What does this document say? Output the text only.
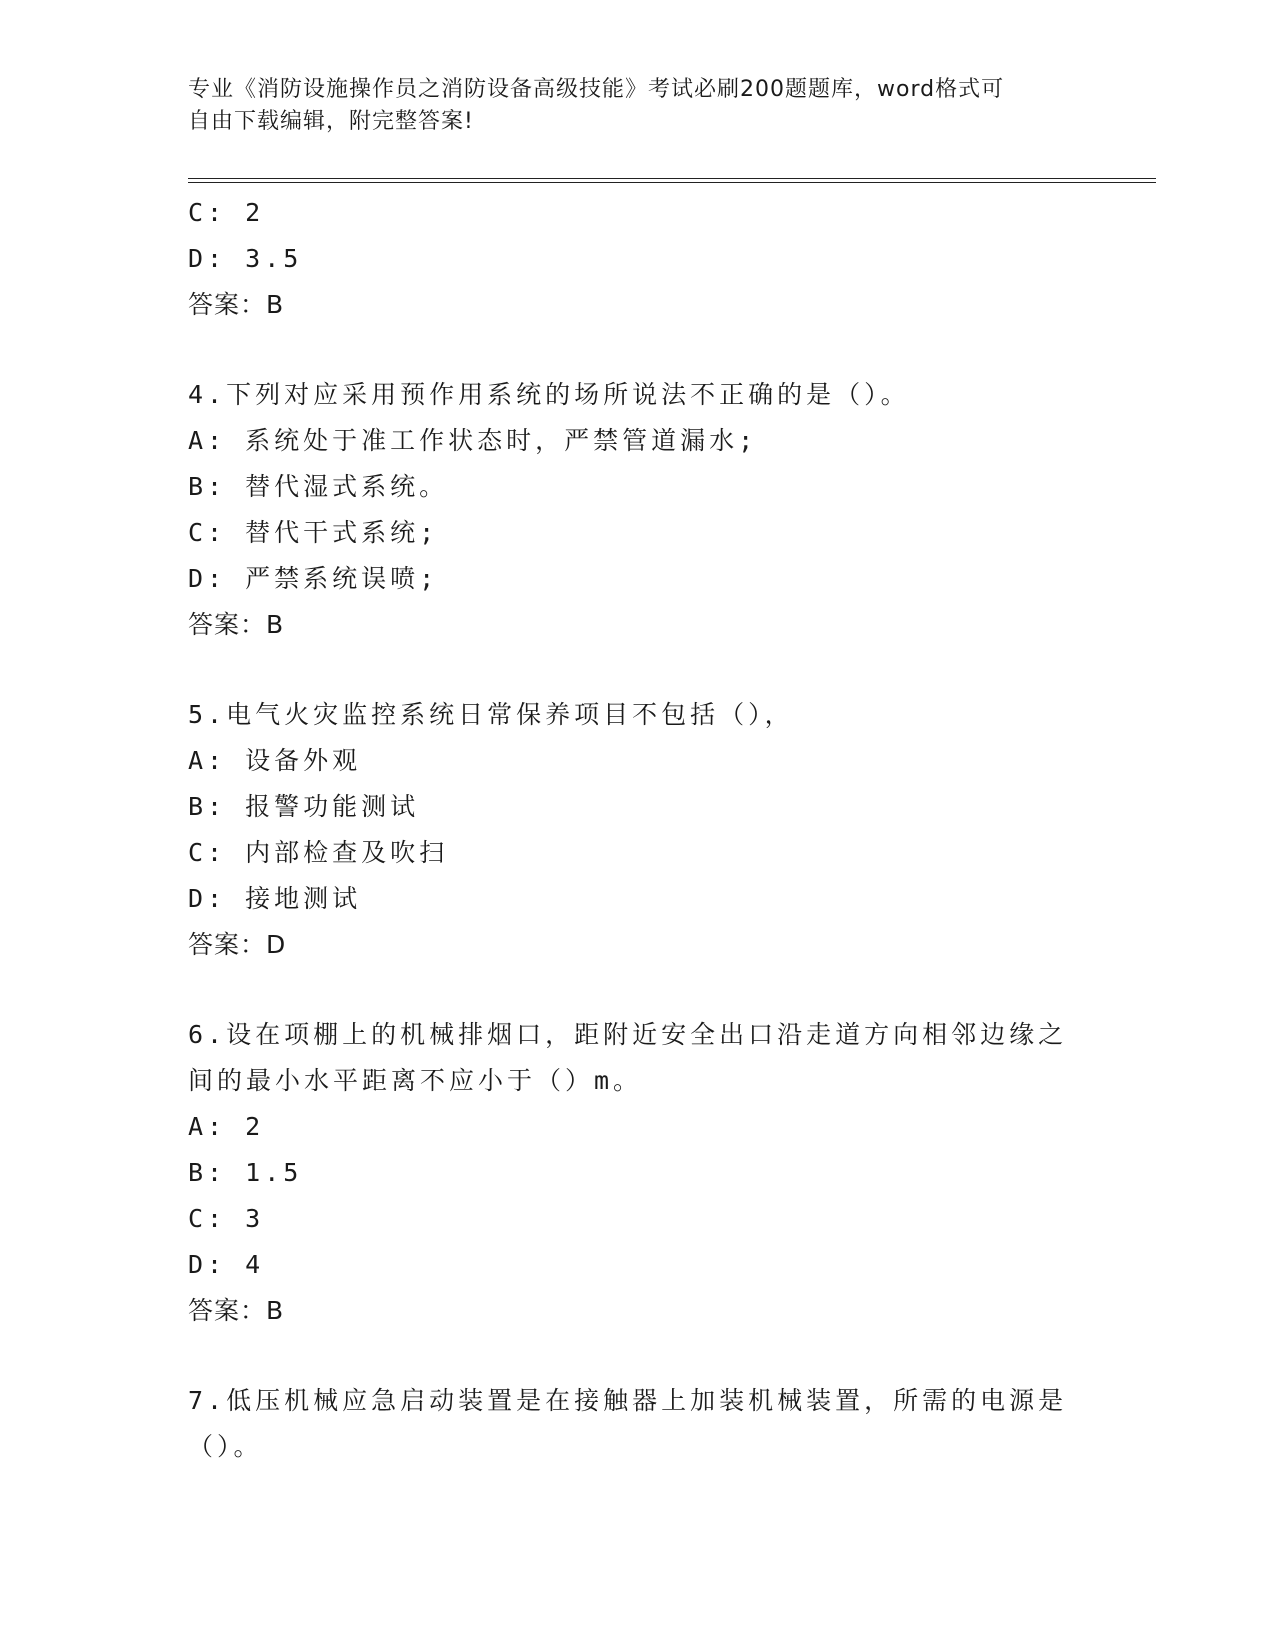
专业《消防设施操作员之消防设备高级技能》考试必刷200题题库，word格式可
自由下载编辑，附完整答案!
C: 2
D: 3.5
答案：B
4.下列对应采用预作用系统的场所说法不正确的是（）。
A: 系统处于准工作状态时，严禁管道漏水;
B: 替代湿式系统。
C: 替代干式系统;
D: 严禁系统误喷;
答案：B
5.电气火灾监控系统日常保养项目不包括（），
A: 设备外观
B: 报警功能测试
C: 内部检查及吹扫
D: 接地测试
答案：D
6.设在项棚上的机械排烟口，距附近安全出口沿走道方向相邻边缘之
间的最小水平距离不应小于（）m。
A: 2
B: 1.5
C: 3
D: 4
答案：B
7.低压机械应急启动装置是在接触器上加装机械装置，所需的电源是
（）。
